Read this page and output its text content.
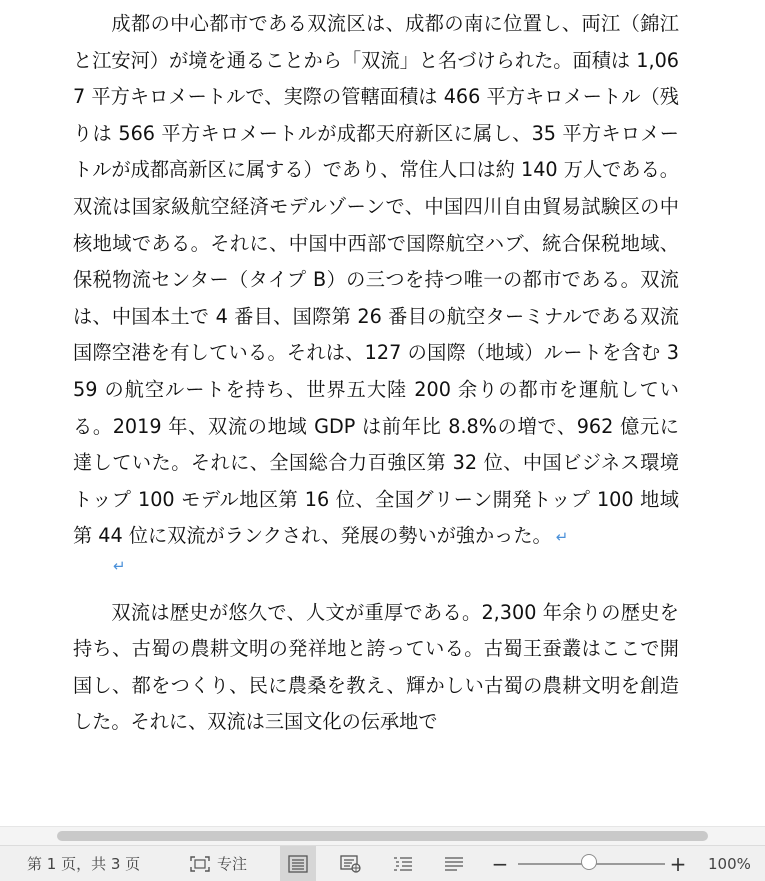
成都の中心都市である双流区は、成都の南に位置し、両江（錦江と江安河）が境を通ることから「双流」と名づけられた。面積は 1,067 平方キロメートルで、実際の管轄面積は 466 平方キロメートル（残りは 566 平方キロメートルが成都天府新区に属し、35 平方キロメートルが成都高新区に属する）であり、常住人口は約 140 万人である。双流は国家級航空経済モデルゾーンで、中国四川自由貿易試験区の中核地域である。それに、中国中西部で国際航空ハブ、統合保税地域、保税物流センター（タイプ B）の三つを持つ唯一の都市である。双流は、中国本土で 4 番目、国際第 26 番目の航空ターミナルである双流国際空港を有している。それは、127 の国際（地域）ルートを含む 359 の航空ルートを持ち、世界五大陸 200 余りの都市を運航している。2019 年、双流の地域 GDP は前年比 8.8%の増で、962 億元に達していた。それに、全国総合力百強区第 32 位、中国ビジネス環境トップ 100 モデル地区第 16 位、全国グリーン開発トップ 100 地域第 44 位に双流がランクされ、発展の勢いが強かった。 ↵

↵

双流は歴史が悠久で、人文が重厚である。2,300 年余りの歴史を持ち、古蜀の農耕文明の発祥地と誇っている。古蜀王蚕叢はここで開国し、都をつくり、民に農桑を教え、輝かしい古蜀の農耕文明を創造した。それに、双流は三国文化の伝承地で

第 1 页，共 3 页	专注	−	+ 100%
